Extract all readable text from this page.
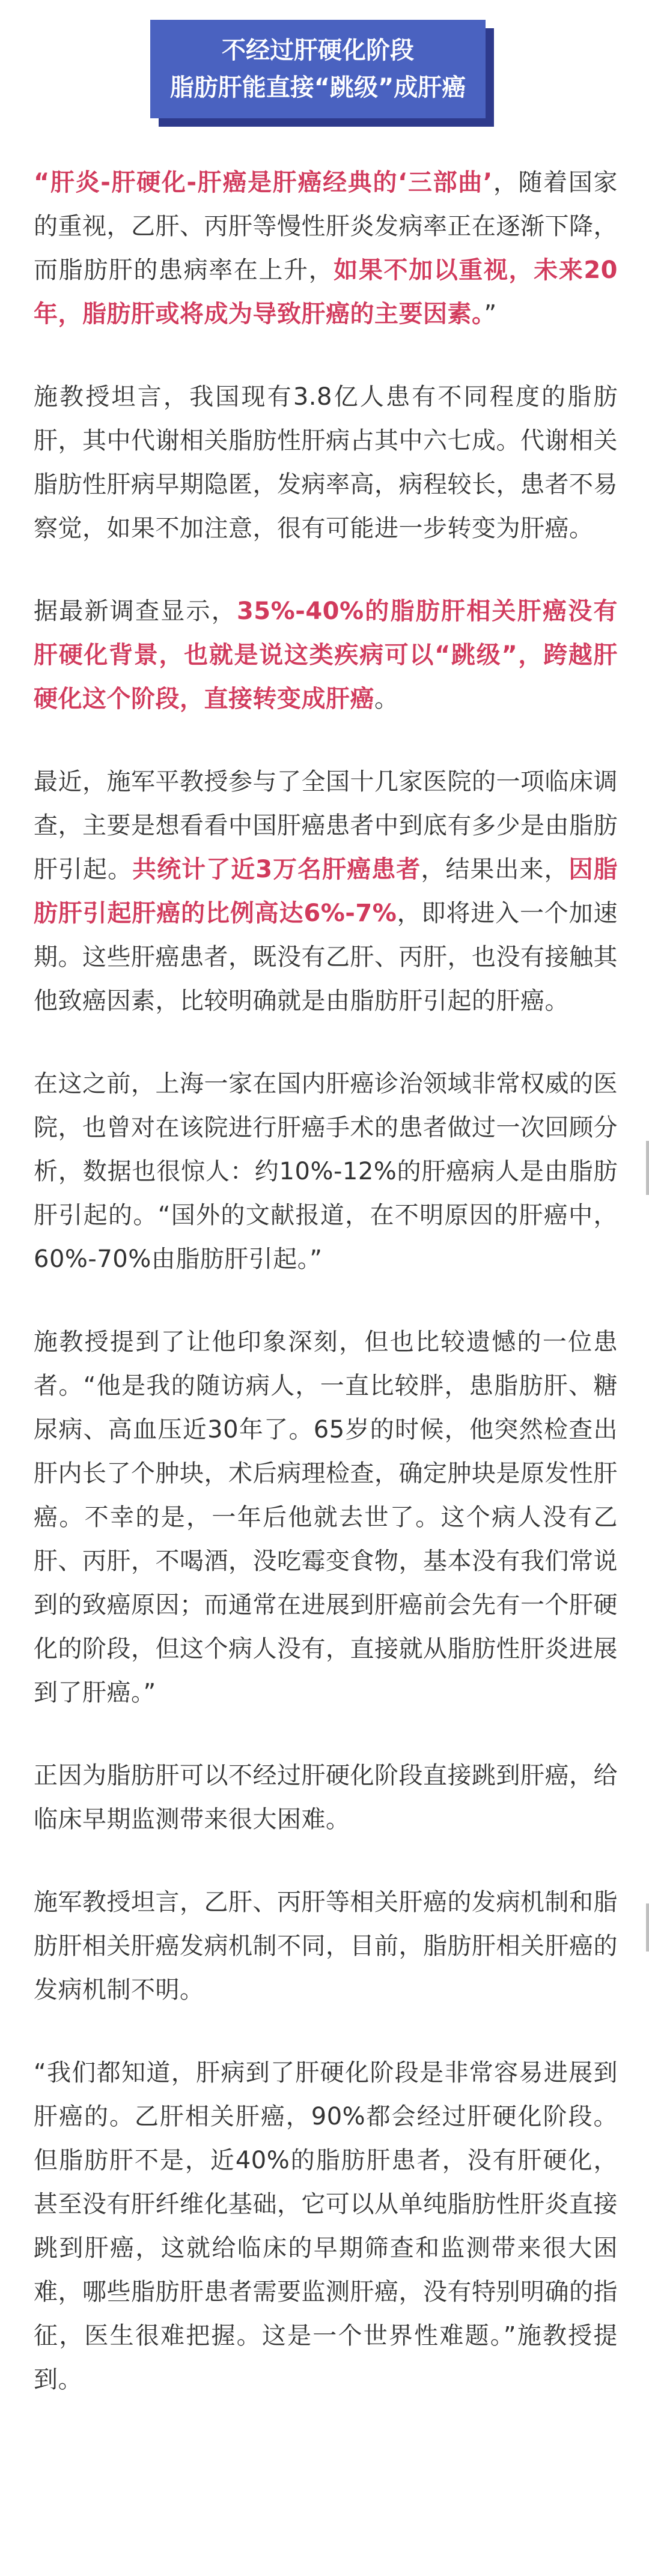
不经过肝硬化阶段
脂肪肝能直接“跳级”成肝癌

“肝炎-肝硬化-肝癌是肝癌经典的‘三部曲’，随着国家的重视，乙肝、丙肝等慢性肝炎发病率正在逐渐下降，而脂肪肝的患病率在上升，如果不加以重视，未来20年，脂肪肝或将成为导致肝癌的主要因素。”

施教授坦言，我国现有3.8亿人患有不同程度的脂肪肝，其中代谢相关脂肪性肝病占其中六七成。代谢相关脂肪性肝病早期隐匿，发病率高，病程较长，患者不易察觉，如果不加注意，很有可能进一步转变为肝癌。

据最新调查显示，35%-40%的脂肪肝相关肝癌没有肝硬化背景，也就是说这类疾病可以“跳级”，跨越肝硬化这个阶段，直接转变成肝癌。

最近，施军平教授参与了全国十几家医院的一项临床调查，主要是想看看中国肝癌患者中到底有多少是由脂肪肝引起。共统计了近3万名肝癌患者，结果出来，因脂肪肝引起肝癌的比例高达6%-7%，即将进入一个加速期。这些肝癌患者，既没有乙肝、丙肝，也没有接触其他致癌因素，比较明确就是由脂肪肝引起的肝癌。

在这之前，上海一家在国内肝癌诊治领域非常权威的医院，也曾对在该院进行肝癌手术的患者做过一次回顾分析，数据也很惊人：约10%-12%的肝癌病人是由脂肪肝引起的。“国外的文献报道，在不明原因的肝癌中，60%-70%由脂肪肝引起。”

施教授提到了让他印象深刻，但也比较遗憾的一位患者。“他是我的随访病人，一直比较胖，患脂肪肝、糖尿病、高血压近30年了。65岁的时候，他突然检查出肝内长了个肿块，术后病理检查，确定肿块是原发性肝癌。不幸的是，一年后他就去世了。这个病人没有乙肝、丙肝，不喝酒，没吃霉变食物，基本没有我们常说到的致癌原因；而通常在进展到肝癌前会先有一个肝硬化的阶段，但这个病人没有，直接就从脂肪性肝炎进展到了肝癌。”

正因为脂肪肝可以不经过肝硬化阶段直接跳到肝癌，给临床早期监测带来很大困难。

施军教授坦言，乙肝、丙肝等相关肝癌的发病机制和脂肪肝相关肝癌发病机制不同，目前，脂肪肝相关肝癌的发病机制不明。

“我们都知道，肝病到了肝硬化阶段是非常容易进展到肝癌的。乙肝相关肝癌，90%都会经过肝硬化阶段。但脂肪肝不是，近40%的脂肪肝患者，没有肝硬化，甚至没有肝纤维化基础，它可以从单纯脂肪性肝炎直接跳到肝癌，这就给临床的早期筛查和监测带来很大困难，哪些脂肪肝患者需要监测肝癌，没有特别明确的指征，医生很难把握。这是一个世界性难题。”施教授提到。
